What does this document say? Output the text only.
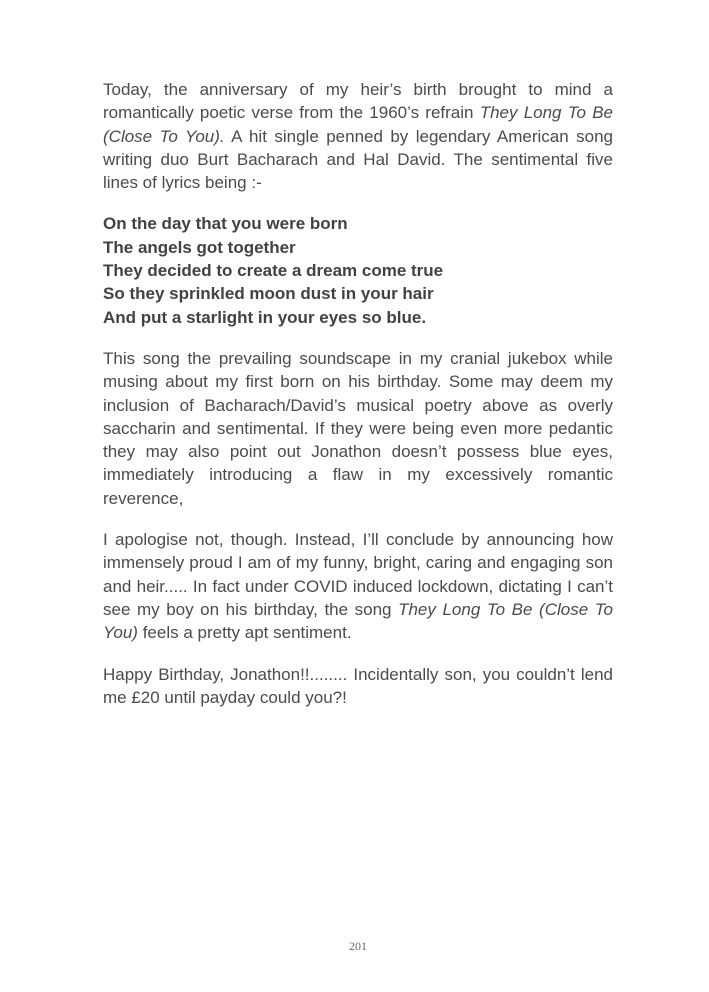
Today, the anniversary of my heir’s birth brought to mind a romantically poetic verse from the 1960’s refrain They Long To Be (Close To You). A hit single penned by legendary American song writing duo Burt Bacharach and Hal David. The sentimental five lines of lyrics being :-

On the day that you were born
The angels got together
They decided to create a dream come true
So they sprinkled moon dust in your hair
And put a starlight in your eyes so blue.

This song the prevailing soundscape in my cranial jukebox while musing about my first born on his birthday. Some may deem my inclusion of Bacharach/David’s musical poetry above as overly saccharin and sentimental. If they were being even more pedantic they may also point out Jonathon doesn’t possess blue eyes, immediately introducing a flaw in my excessively romantic reverence,

I apologise not, though. Instead, I’ll conclude by announcing how immensely proud I am of my funny, bright, caring and engaging son and heir..... In fact under COVID induced lockdown, dictating I can’t see my boy on his birthday, the song They Long To Be (Close To You) feels a pretty apt sentiment.

Happy Birthday, Jonathon!!........ Incidentally son, you couldn’t lend me £20 until payday could you?!

201
